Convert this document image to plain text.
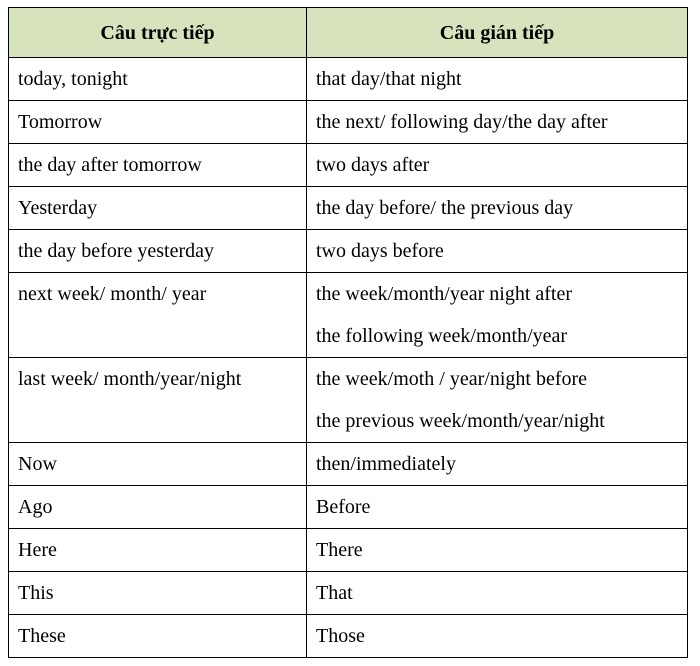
Câu trực tiếp	Câu gián tiếp

today, tonight	that day/that night

Tomorrow	the next/ following day/the day after

the day after tomorrow	two days after

Yesterday	the day before/ the previous day

the day before yesterday	two days before

next week/ month/ year	the week/month/year night after
the following week/month/year

last week/ month/year/night	the week/moth / year/night before
the previous week/month/year/night

Now	then/immediately

Ago	Before

Here	There

This	That

These	Those
